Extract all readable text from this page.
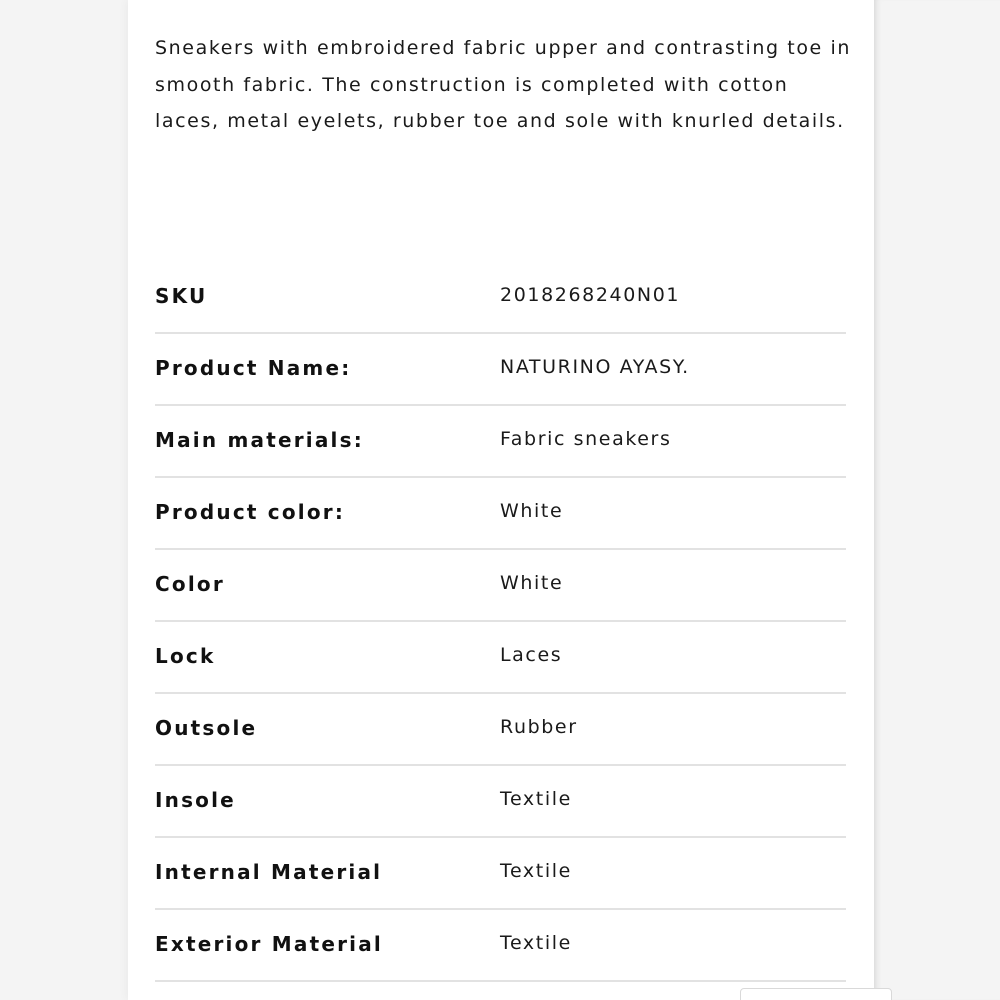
Sneakers with embroidered fabric upper and contrasting toe in smooth fabric. The construction is completed with cotton laces, metal eyelets, rubber toe and sole with knurled details.

SKU	2018268240N01
Product Name:	NATURINO AYASY.
Main materials:	Fabric sneakers
Product color:	White
Color	White
Lock	Laces
Outsole	Rubber
Insole	Textile
Internal Material	Textile
Exterior Material	Textile
